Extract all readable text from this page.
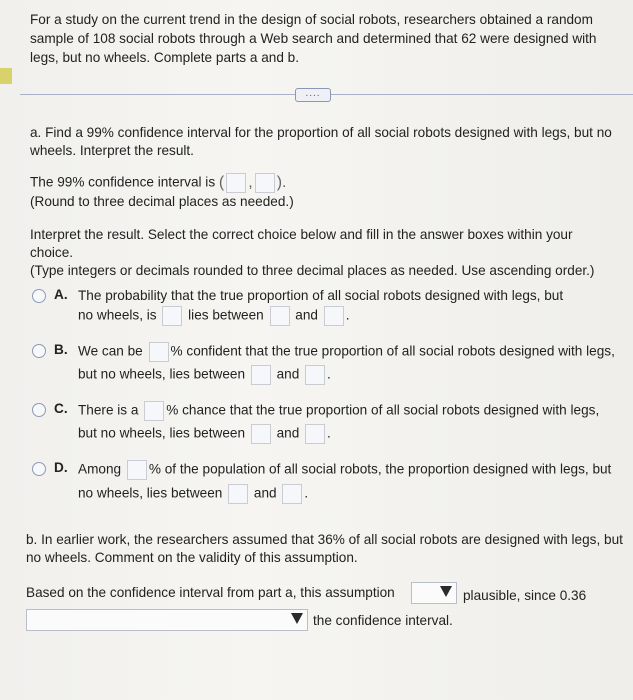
For a study on the current trend in the design of social robots, researchers obtained a random sample of 108 social robots through a Web search and determined that 62 were designed with legs, but no wheels. Complete parts a and b.
....
a. Find a 99% confidence interval for the proportion of all social robots designed with legs, but no wheels. Interpret the result.
The 99% confidence interval is ( , ).
(Round to three decimal places as needed.)
Interpret the result. Select the correct choice below and fill in the answer boxes within your choice.
(Type integers or decimals rounded to three decimal places as needed. Use ascending order.)
A. The probability that the true proportion of all social robots designed with legs, but
no wheels, is lies between and .
B. We can be % confident that the true proportion of all social robots designed with legs,
but no wheels, lies between and .
C. There is a % chance that the true proportion of all social robots designed with legs,
but no wheels, lies between and .
D. Among % of the population of all social robots, the proportion designed with legs, but
no wheels, lies between and .
b. In earlier work, the researchers assumed that 36% of all social robots are designed with legs, but no wheels. Comment on the validity of this assumption.
Based on the confidence interval from part a, this assumption	plausible, since 0.36
the confidence interval.
